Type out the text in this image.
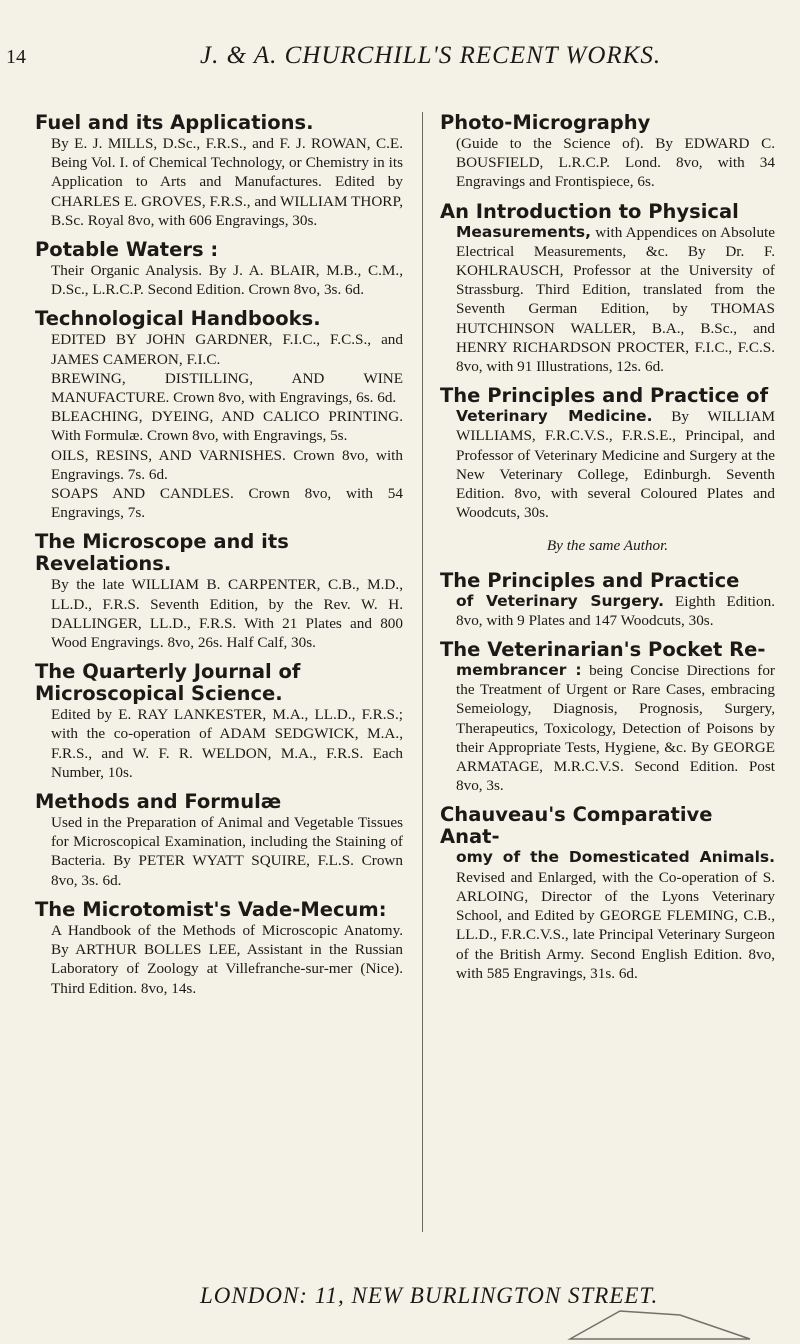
14	J. & A. CHURCHILL'S RECENT WORKS.
Fuel and its Applications.
By E. J. MILLS, D.Sc., F.R.S., and F. J. ROWAN, C.E. Being Vol. I. of Chemical Technology, or Chemistry in its Application to Arts and Manufactures. Edited by CHARLES E. GROVES, F.R.S., and WILLIAM THORP, B.Sc. Royal 8vo, with 606 Engravings, 30s.
Potable Waters :
Their Organic Analysis. By J. A. BLAIR, M.B., C.M., D.Sc., L.R.C.P. Second Edition. Crown 8vo, 3s. 6d.
Technological Handbooks.
EDITED BY JOHN GARDNER, F.I.C., F.C.S., and JAMES CAMERON, F.I.C.
BREWING, DISTILLING, AND WINE MANUFACTURE. Crown 8vo, with Engravings, 6s. 6d.
BLEACHING, DYEING, AND CALICO PRINTING. With Formulæ. Crown 8vo, with Engravings, 5s.
OILS, RESINS, AND VARNISHES. Crown 8vo, with Engravings. 7s. 6d.
SOAPS AND CANDLES. Crown 8vo, with 54 Engravings, 7s.
The Microscope and its Revelations.
By the late WILLIAM B. CARPENTER, C.B., M.D., LL.D., F.R.S. Seventh Edition, by the Rev. W. H. DALLINGER, LL.D., F.R.S. With 21 Plates and 800 Wood Engravings. 8vo, 26s. Half Calf, 30s.
The Quarterly Journal of Microscopical Science.
Edited by E. RAY LANKESTER, M.A., LL.D., F.R.S.; with the co-operation of ADAM SEDGWICK, M.A., F.R.S., and W. F. R. WELDON, M.A., F.R.S. Each Number, 10s.
Methods and Formulæ
Used in the Preparation of Animal and Vegetable Tissues for Microscopical Examination, including the Staining of Bacteria. By PETER WYATT SQUIRE, F.L.S. Crown 8vo, 3s. 6d.
The Microtomist's Vade-Mecum:
A Handbook of the Methods of Microscopic Anatomy. By ARTHUR BOLLES LEE, Assistant in the Russian Laboratory of Zoology at Villefranche-sur-mer (Nice). Third Edition. 8vo, 14s.
Photo-Micrography
(Guide to the Science of). By EDWARD C. BOUSFIELD, L.R.C.P. Lond. 8vo, with 34 Engravings and Frontispiece, 6s.
An Introduction to Physical
Measurements, with Appendices on Absolute Electrical Measurements, &c. By Dr. F. KOHLRAUSCH, Professor at the University of Strassburg. Third Edition, translated from the Seventh German Edition, by THOMAS HUTCHINSON WALLER, B.A., B.Sc., and HENRY RICHARDSON PROCTER, F.I.C., F.C.S. 8vo, with 91 Illustrations, 12s. 6d.
The Principles and Practice of
Veterinary Medicine. By WILLIAM WILLIAMS, F.R.C.V.S., F.R.S.E., Principal, and Professor of Veterinary Medicine and Surgery at the New Veterinary College, Edinburgh. Seventh Edition. 8vo, with several Coloured Plates and Woodcuts, 30s.
By the same Author.
The Principles and Practice
of Veterinary Surgery. Eighth Edition. 8vo, with 9 Plates and 147 Woodcuts, 30s.
The Veterinarian's Pocket Re-
membrancer : being Concise Directions for the Treatment of Urgent or Rare Cases, embracing Semeiology, Diagnosis, Prognosis, Surgery, Therapeutics, Toxicology, Detection of Poisons by their Appropriate Tests, Hygiene, &c. By GEORGE ARMATAGE, M.R.C.V.S. Second Edition. Post 8vo, 3s.
Chauveau's Comparative Anat-
omy of the Domesticated Animals. Revised and Enlarged, with the Co-operation of S. ARLOING, Director of the Lyons Veterinary School, and Edited by GEORGE FLEMING, C.B., LL.D., F.R.C.V.S., late Principal Veterinary Surgeon of the British Army. Second English Edition. 8vo, with 585 Engravings, 31s. 6d.
LONDON: 11, NEW BURLINGTON STREET.
